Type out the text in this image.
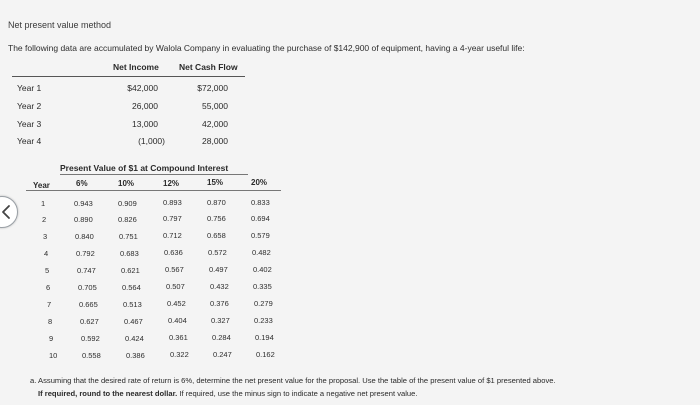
Net present value method
The following data are accumulated by Walola Company in evaluating the purchase of $142,900 of equipment, having a 4-year useful life:
Net Income Net Cash Flow
Year 1	$42,000	$72,000
Year 2	26,000	55,000
Year 3	13,000	42,000
Year 4	(1,000)	28,000
Present Value of $1 at Compound Interest
Year	6%	10%	12%	15%	20%
1	0.943	0.909	0.893	0.870	0.833
2	0.890	0.826	0.797	0.756	0.694
3	0.840	0.751	0.712	0.658	0.579
4	0.792	0.683	0.636	0.572	0.482
5	0.747	0.621	0.567	0.497	0.402
6	0.705	0.564	0.507	0.432	0.335
7	0.665	0.513	0.452	0.376	0.279
8	0.627	0.467	0.404	0.327	0.233
9	0.592	0.424	0.361	0.284	0.194
10	0.558	0.386	0.322	0.247	0.162
a. Assuming that the desired rate of return is 6%, determine the net present value for the proposal. Use the table of the present value of $1 presented above.
If required, round to the nearest dollar. If required, use the minus sign to indicate a negative net present value.
